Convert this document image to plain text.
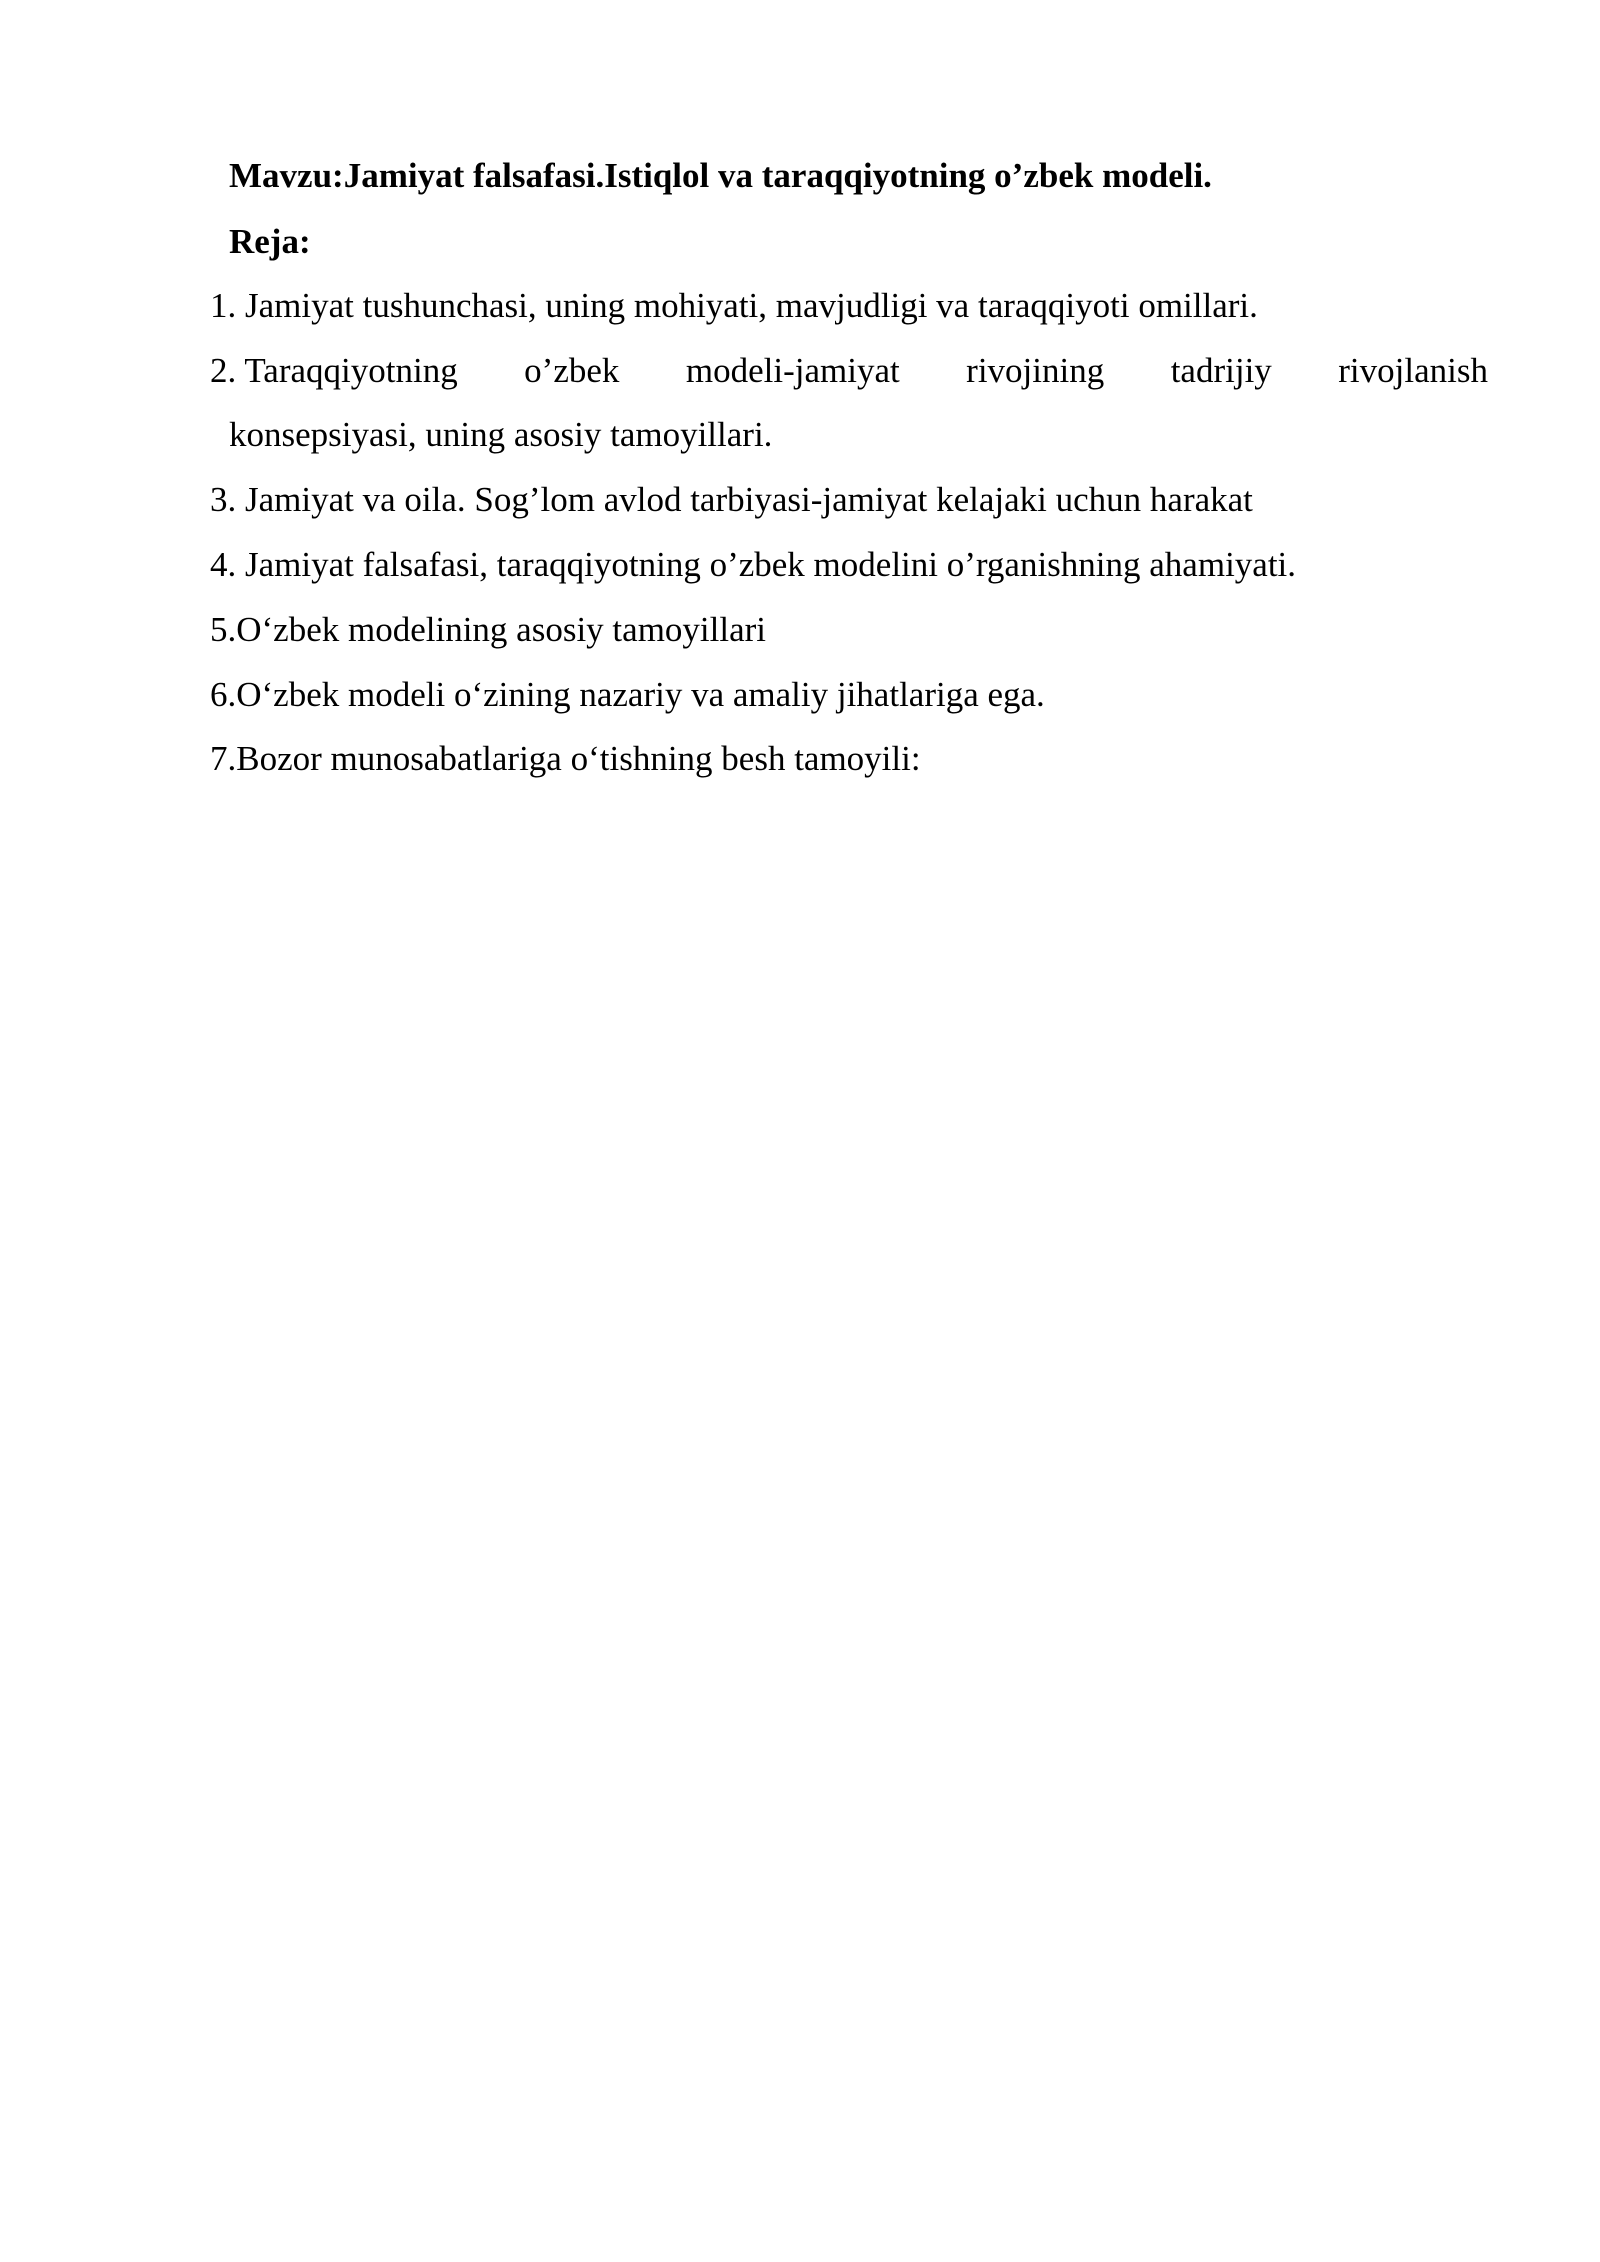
Mavzu:Jamiyat falsafasi.Istiqlol va taraqqiyotning o’zbek modeli.
Reja:
1. Jamiyat tushunchasi, uning mohiyati, mavjudligi va taraqqiyoti omillari.
2. Taraqqiyotning o’zbek modeli-jamiyat rivojining tadrijiy rivojlanish
konsepsiyasi, uning asosiy tamoyillari.
3. Jamiyat va oila. Sog’lom avlod tarbiyasi-jamiyat kelajaki uchun harakat
4. Jamiyat falsafasi, taraqqiyotning o’zbek modelini o’rganishning ahamiyati.
5.O‘zbek modelining asosiy tamoyillari
6.O‘zbek modeli o‘zining nazariy va amaliy jihatlariga ega.
7.Bozor munosabatlariga o‘tishning besh tamoyili:
